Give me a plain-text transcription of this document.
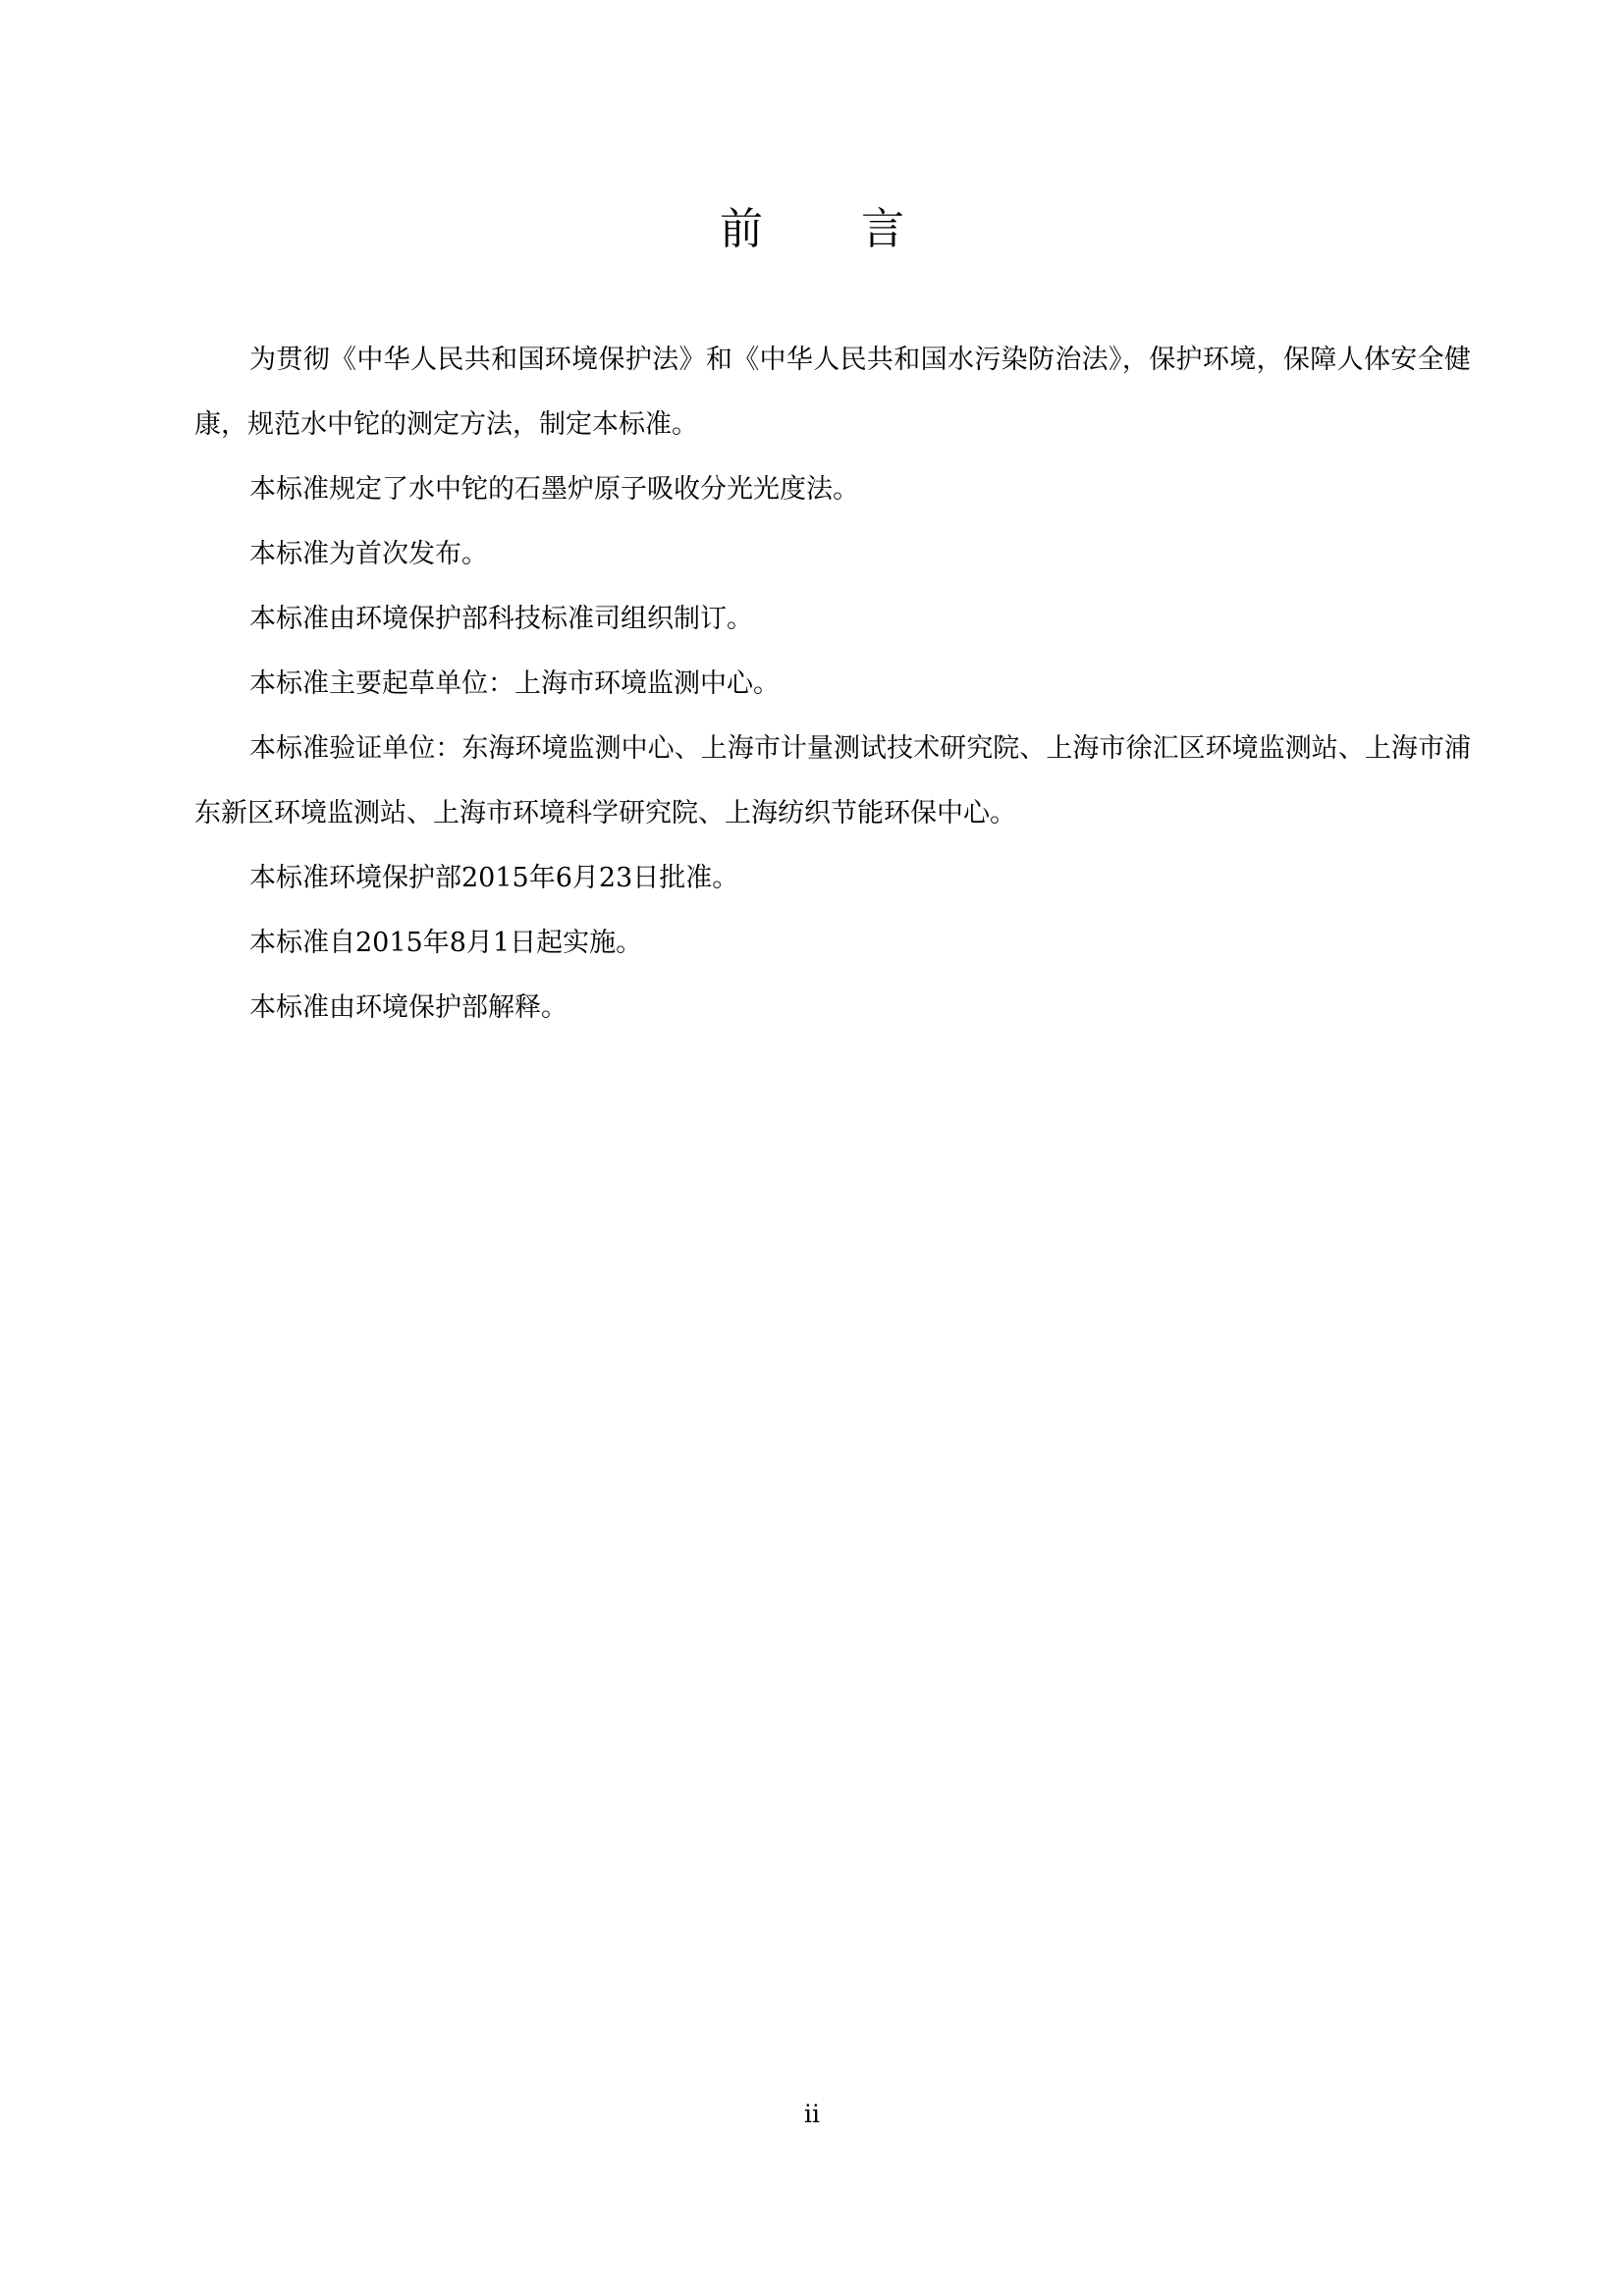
前言

为贯彻《中华人民共和国环境保护法》和《中华人民共和国水污染防治法》，保护环境，保障人体安全健康，规范水中铊的测定方法，制定本标准。

本标准规定了水中铊的石墨炉原子吸收分光光度法。

本标准为首次发布。

本标准由环境保护部科技标准司组织制订。

本标准主要起草单位：上海市环境监测中心。

本标准验证单位：东海环境监测中心、上海市计量测试技术研究院、上海市徐汇区环境监测站、上海市浦东新区环境监测站、上海市环境科学研究院、上海纺织节能环保中心。

本标准环境保护部2015年6月23日批准。

本标准自2015年8月1日起实施。

本标准由环境保护部解释。

ii
